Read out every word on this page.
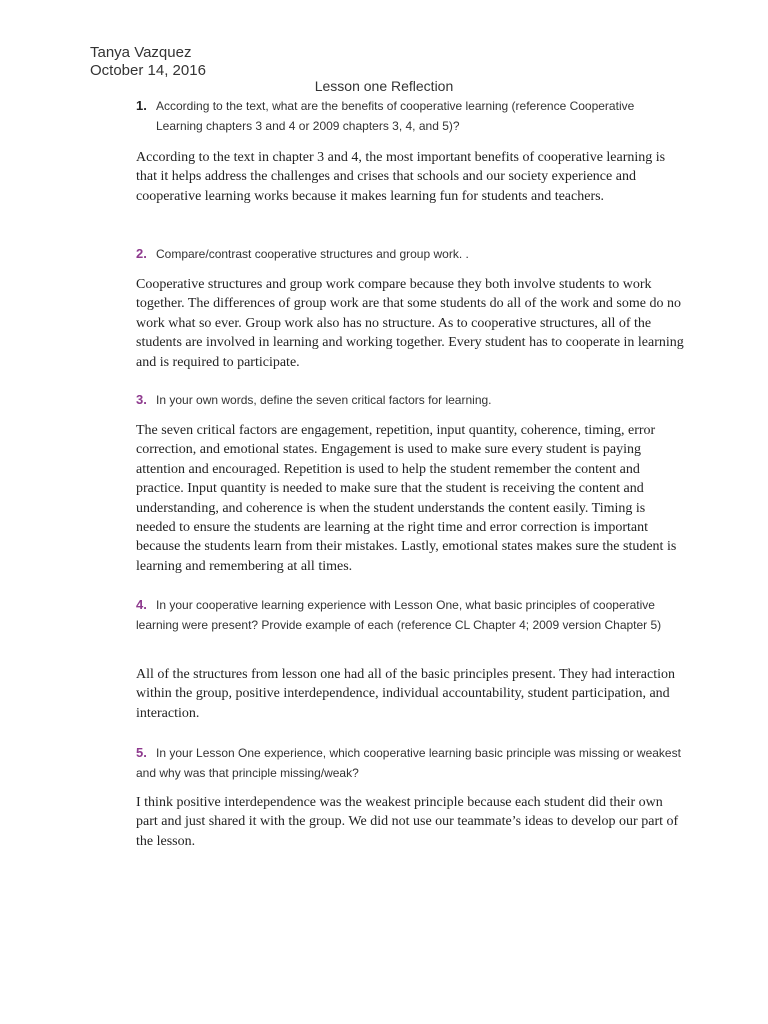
Tanya Vazquez
October 14, 2016
Lesson one Reflection
1. According to the text, what are the benefits of cooperative learning (reference Cooperative Learning chapters 3 and 4 or 2009 chapters 3, 4, and 5)?
According to the text in chapter 3 and 4, the most important benefits of cooperative learning is that it helps address the challenges and crises that schools and our society experience and cooperative learning works because it makes learning fun for students and teachers.
2. Compare/contrast cooperative structures and group work. .
Cooperative structures and group work compare because they both involve students to work together. The differences of group work are that some students do all of the work and some do no work what so ever. Group work also has no structure. As to cooperative structures, all of the students are involved in learning and working together. Every student has to cooperate in learning and is required to participate.
3. In your own words, define the seven critical factors for learning.
The seven critical factors are engagement, repetition, input quantity, coherence, timing, error correction, and emotional states. Engagement is used to make sure every student is paying attention and encouraged. Repetition is used to help the student remember the content and practice. Input quantity is needed to make sure that the student is receiving the content and understanding, and coherence is when the student understands the content easily. Timing is needed to ensure the students are learning at the right time and error correction is important because the students learn from their mistakes. Lastly, emotional states makes sure the student is learning and remembering at all times.
4. In your cooperative learning experience with Lesson One, what basic principles of cooperative learning were present? Provide example of each (reference CL Chapter 4; 2009 version Chapter 5)
All of the structures from lesson one had all of the basic principles present. They had interaction within the group, positive interdependence, individual accountability, student participation, and interaction.
5. In your Lesson One experience, which cooperative learning basic principle was missing or weakest and why was that principle missing/weak?
I think positive interdependence was the weakest principle because each student did their own part and just shared it with the group. We did not use our teammate’s ideas to develop our part of the lesson.
